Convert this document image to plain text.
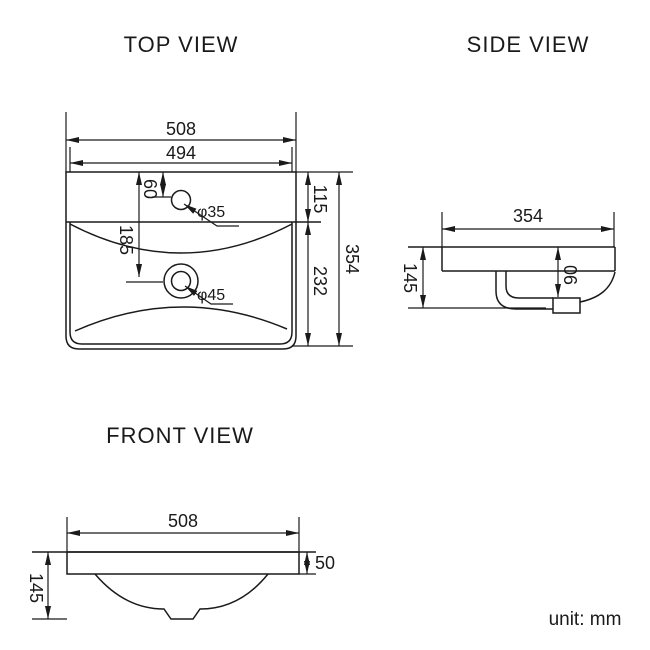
TOP VIEW	SIDE VIEW
FRONT VIEW
unit: mm
508
494
60
185
φ35
φ45
115
232
354
354
145	90
508
50
145
